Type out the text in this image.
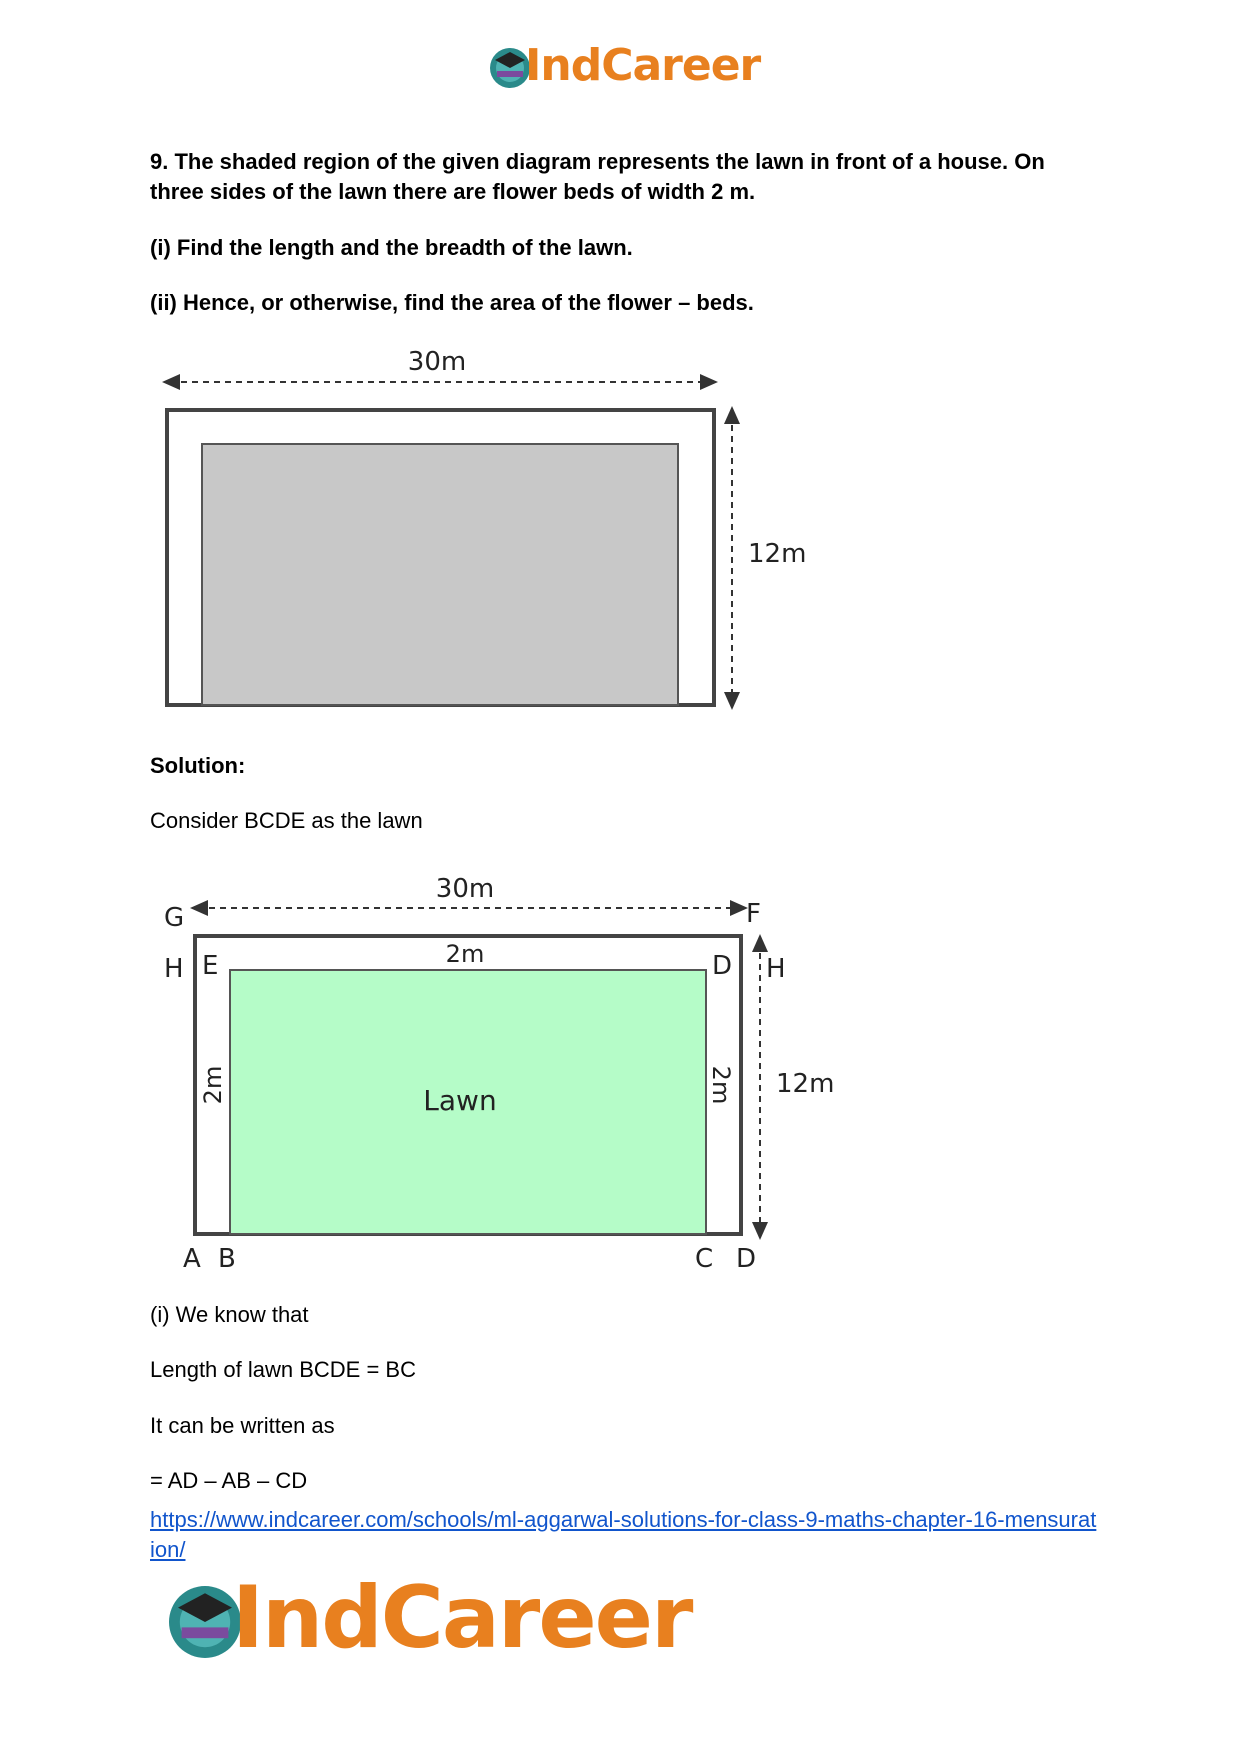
IndCareer
9. The shaded region of the given diagram represents the lawn in front of a house. On three sides of the lawn there are flower beds of width 2 m.
(i) Find the length and the breadth of the lawn.
(ii) Hence, or otherwise, find the area of the flower – beds.
30m
12m
Solution:
Consider BCDE as the lawn
30m
G	F
2m
H E	D H
2m	2m
Lawn	12m
A B	C D
(i) We know that
Length of lawn BCDE = BC
It can be written as
= AD – AB – CD
https://www.indcareer.com/schools/ml-aggarwal-solutions-for-class-9-maths-chapter-16-mensuration/
IndCareer
